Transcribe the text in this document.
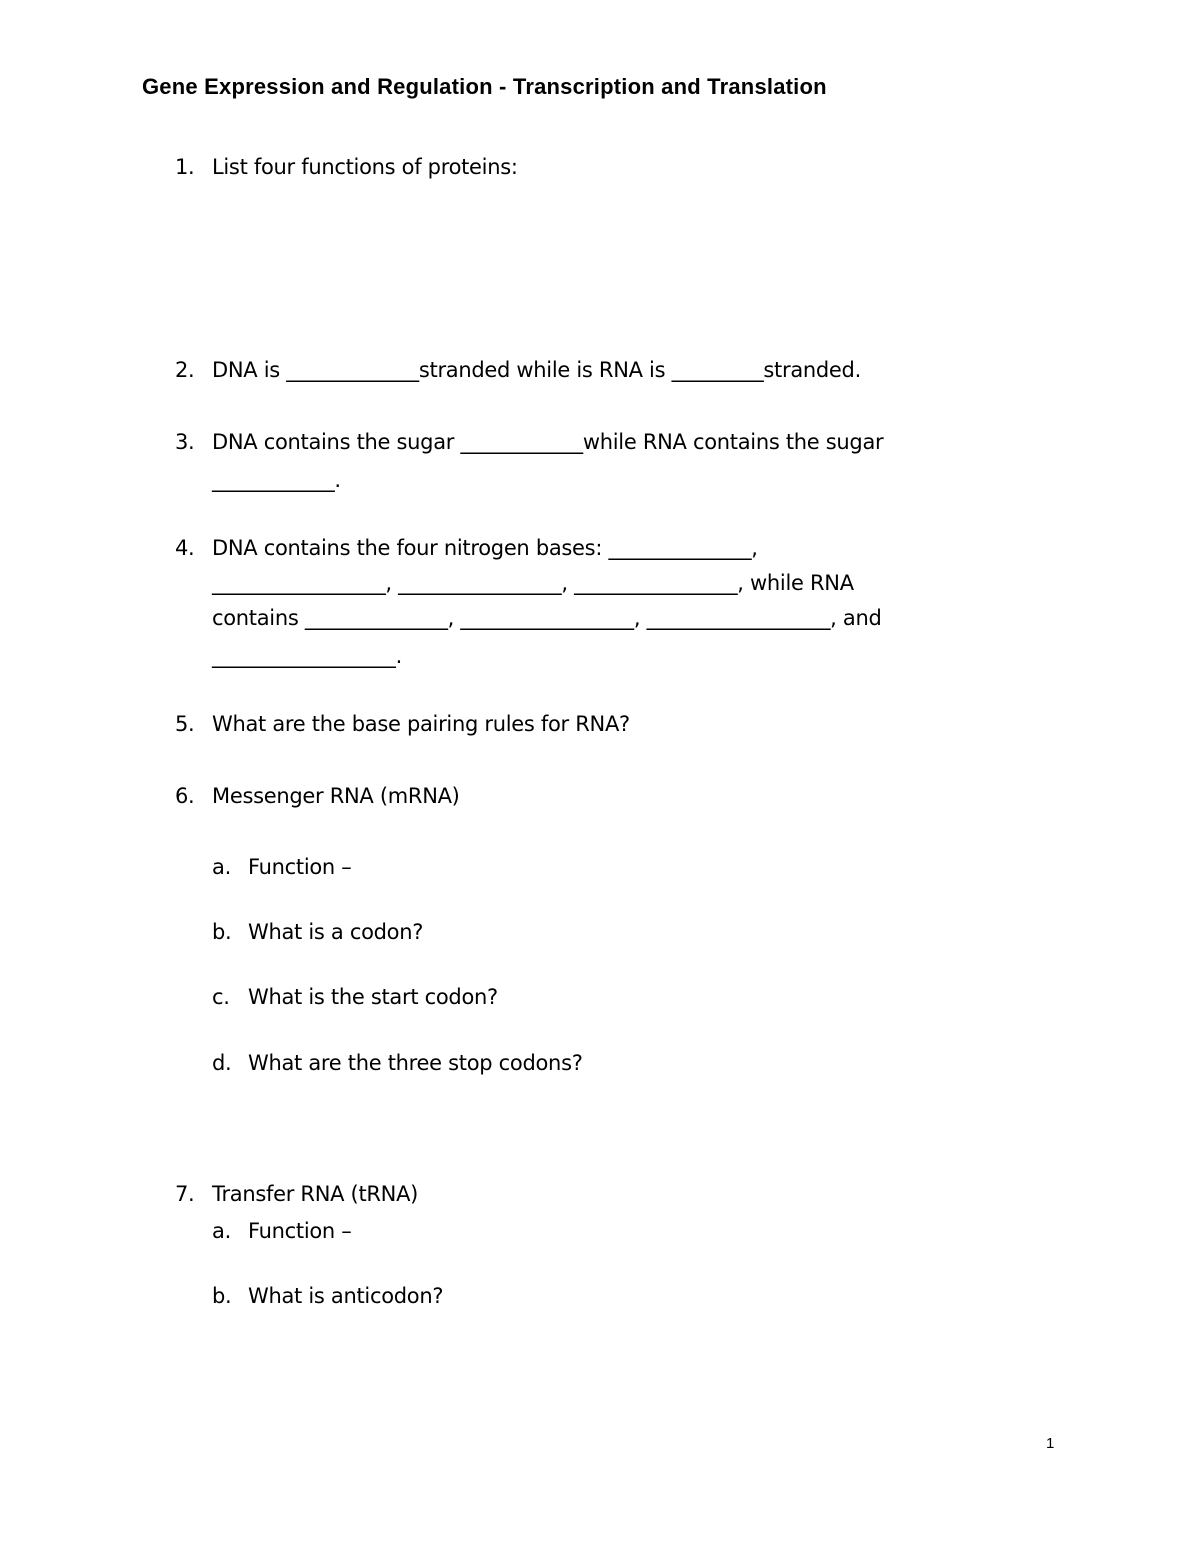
Gene Expression and Regulation - Transcription and Translation
1. List four functions of proteins:
2. DNA is _____________stranded while is RNA is _________stranded.
3. DNA contains the sugar ____________while RNA contains the sugar
____________.
4. DNA contains the four nitrogen bases: ______________,
_________________, ________________, ________________, while RNA
contains ______________, _________________, __________________, and
__________________.
5. What are the base pairing rules for RNA?
6. Messenger RNA (mRNA)
a. Function –
b. What is a codon?
c. What is the start codon?
d. What are the three stop codons?
7. Transfer RNA (tRNA)
a. Function –
b. What is anticodon?
1
